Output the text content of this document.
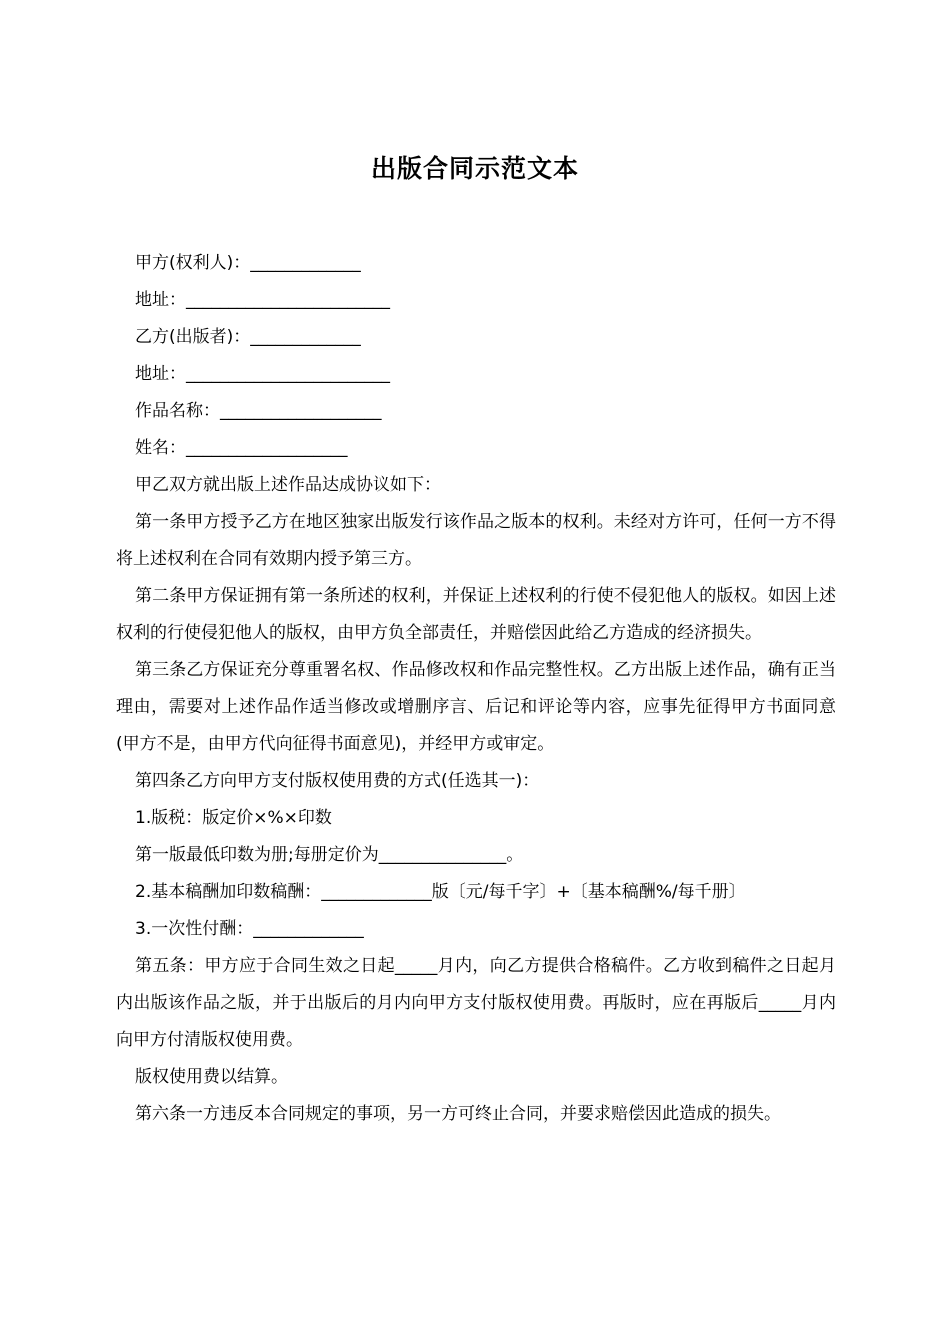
出版合同示范文本

甲方(权利人)：_____________

地址：________________________

乙方(出版者)：_____________

地址：________________________

作品名称：___________________

姓名：___________________

甲乙双方就出版上述作品达成协议如下：

第一条甲方授予乙方在地区独家出版发行该作品之版本的权利。未经对方许可，任何一方不得将上述权利在合同有效期内授予第三方。

第二条甲方保证拥有第一条所述的权利，并保证上述权利的行使不侵犯他人的版权。如因上述权利的行使侵犯他人的版权，由甲方负全部责任，并赔偿因此给乙方造成的经济损失。

第三条乙方保证充分尊重署名权、作品修改权和作品完整性权。乙方出版上述作品，确有正当理由，需要对上述作品作适当修改或增删序言、后记和评论等内容，应事先征得甲方书面同意(甲方不是，由甲方代向征得书面意见)，并经甲方或审定。

第四条乙方向甲方支付版权使用费的方式(任选其一)：

1.版税：版定价×%×印数

第一版最低印数为册;每册定价为_______________。

2.基本稿酬加印数稿酬：_____________版〔元/每千字〕+〔基本稿酬%/每千册〕

3.一次性付酬：_____________

第五条：甲方应于合同生效之日起_____月内，向乙方提供合格稿件。乙方收到稿件之日起月内出版该作品之版，并于出版后的月内向甲方支付版权使用费。再版时，应在再版后_____月内向甲方付清版权使用费。

版权使用费以结算。

第六条一方违反本合同规定的事项，另一方可终止合同，并要求赔偿因此造成的损失。
